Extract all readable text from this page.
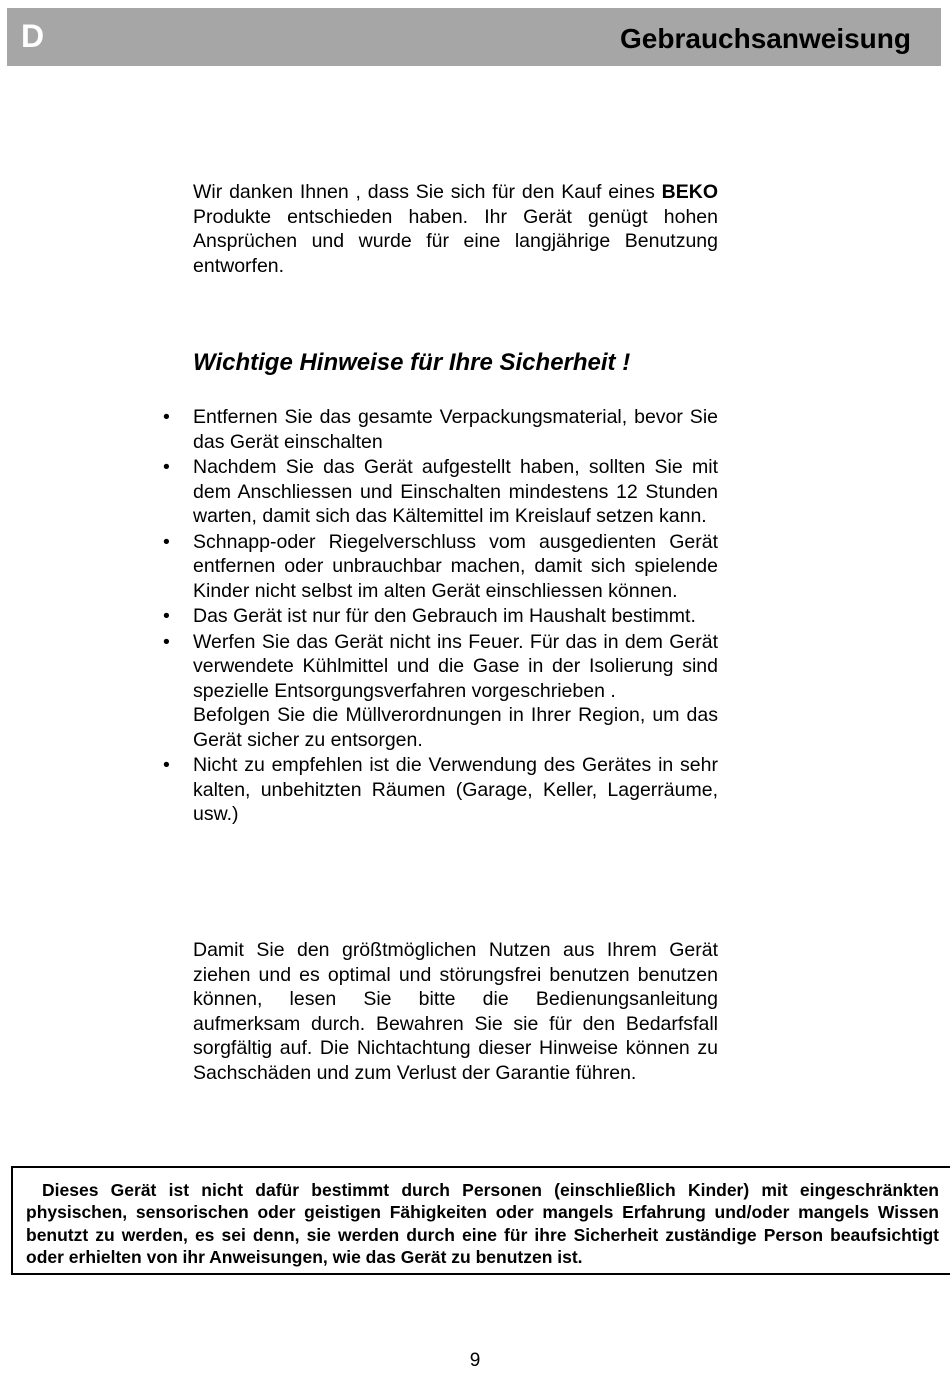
D	Gebrauchsanweisung
Wir danken Ihnen , dass Sie sich für den Kauf eines BEKO Produkte entschieden haben. Ihr Gerät genügt hohen Ansprüchen und wurde für eine langjährige Benutzung entworfen.
Wichtige Hinweise für Ihre Sicherheit !
• Entfernen Sie das gesamte Verpackungsmaterial, bevor Sie das Gerät einschalten

• Nachdem Sie das Gerät aufgestellt haben, sollten Sie mit dem Anschliessen und Einschalten mindestens 12 Stunden warten, damit sich das Kältemittel im Kreislauf setzen kann.

• Schnapp-oder Riegelverschluss vom ausgedienten Gerät entfernen oder unbrauchbar machen, damit sich spielende Kinder nicht selbst im alten Gerät einschliessen können.

• Das Gerät ist nur für den Gebrauch im Haushalt bestimmt.

• Werfen Sie das Gerät nicht ins Feuer. Für das in dem Gerät verwendete Kühlmittel und die Gase in der Isolierung sind spezielle Entsorgungsverfahren vorgeschrieben .

Befolgen Sie die Müllverordnungen in Ihrer Region, um das Gerät sicher zu entsorgen.

• Nicht zu empfehlen ist die Verwendung des Gerätes in sehr kalten, unbehitzten Räumen (Garage, Keller, Lagerräume, usw.)

Damit Sie den größtmöglichen Nutzen aus Ihrem Gerät ziehen und es optimal und störungsfrei benutzen benutzen können, lesen Sie bitte die Bedienungsanleitung aufmerksam durch. Bewahren Sie sie für den Bedarfsfall sorgfältig auf. Die Nichtachtung dieser Hinweise können zu Sachschäden und zum Verlust der Garantie führen.
Dieses Gerät ist nicht dafür bestimmt durch Personen (einschließlich Kinder) mit eingeschränkten physischen, sensorischen oder geistigen Fähigkeiten oder mangels Erfahrung und/oder mangels Wissen benutzt zu werden, es sei denn, sie werden durch eine für ihre Sicherheit zuständige Person beaufsichtigt oder erhielten von ihr Anweisungen, wie das Gerät zu benutzen ist.
9
